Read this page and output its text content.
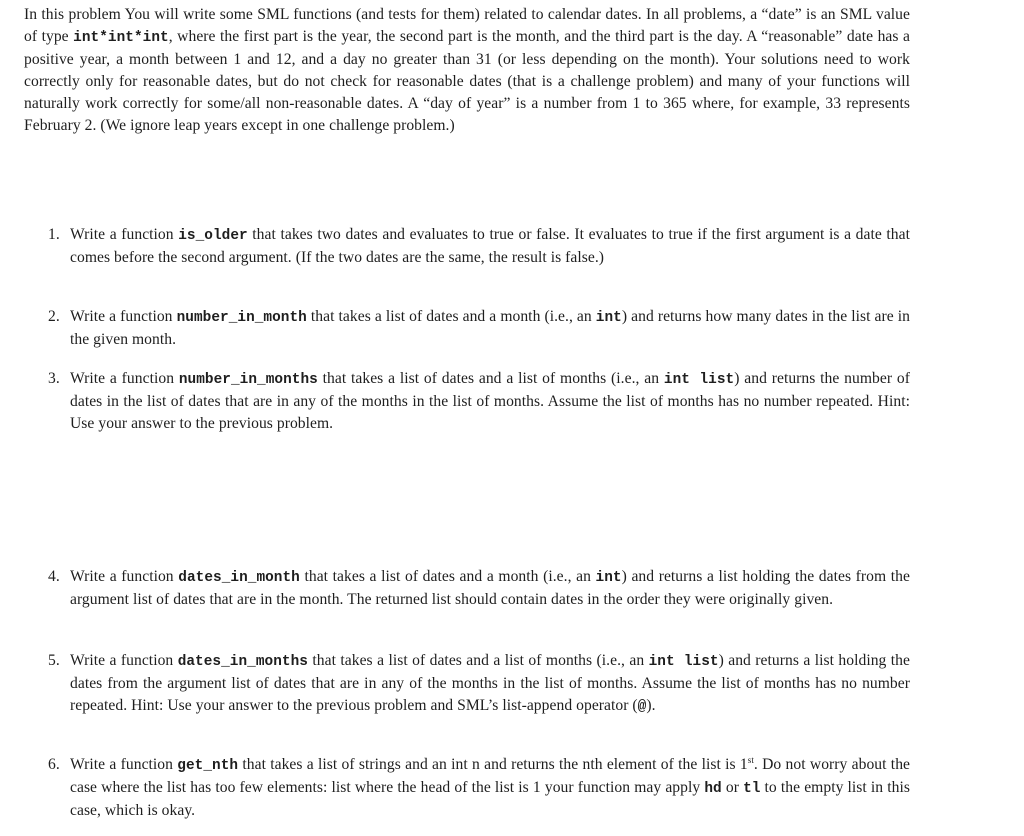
In this problem You will write some SML functions (and tests for them) related to calendar dates. In all problems, a “date” is an SML value of type int*int*int, where the first part is the year, the second part is the month, and the third part is the day. A “reasonable” date has a positive year, a month between 1 and 12, and a day no greater than 31 (or less depending on the month). Your solutions need to work correctly only for reasonable dates, but do not check for reasonable dates (that is a challenge problem) and many of your functions will naturally work correctly for some/all non-reasonable dates. A “day of year” is a number from 1 to 365 where, for example, 33 represents February 2. (We ignore leap years except in one challenge problem.)

1. Write a function is_older that takes two dates and evaluates to true or false. It evaluates to true if the first argument is a date that comes before the second argument. (If the two dates are the same, the result is false.)
2. Write a function number_in_month that takes a list of dates and a month (i.e., an int) and returns how many dates in the list are in the given month.
3. Write a function number_in_months that takes a list of dates and a list of months (i.e., an int list) and returns the number of dates in the list of dates that are in any of the months in the list of months. Assume the list of months has no number repeated. Hint: Use your answer to the previous problem.
4. Write a function dates_in_month that takes a list of dates and a month (i.e., an int) and returns a list holding the dates from the argument list of dates that are in the month. The returned list should contain dates in the order they were originally given.
5. Write a function dates_in_months that takes a list of dates and a list of months (i.e., an int list) and returns a list holding the dates from the argument list of dates that are in any of the months in the list of months. Assume the list of months has no number repeated. Hint: Use your answer to the previous problem and SML’s list-append operator (@).
6. Write a function get_nth that takes a list of strings and an int n and returns the nth element of the list is 1st. Do not worry about the case where the list has too few elements: list where the head of the list is 1 your function may apply hd or tl to the empty list in this case, which is okay.
